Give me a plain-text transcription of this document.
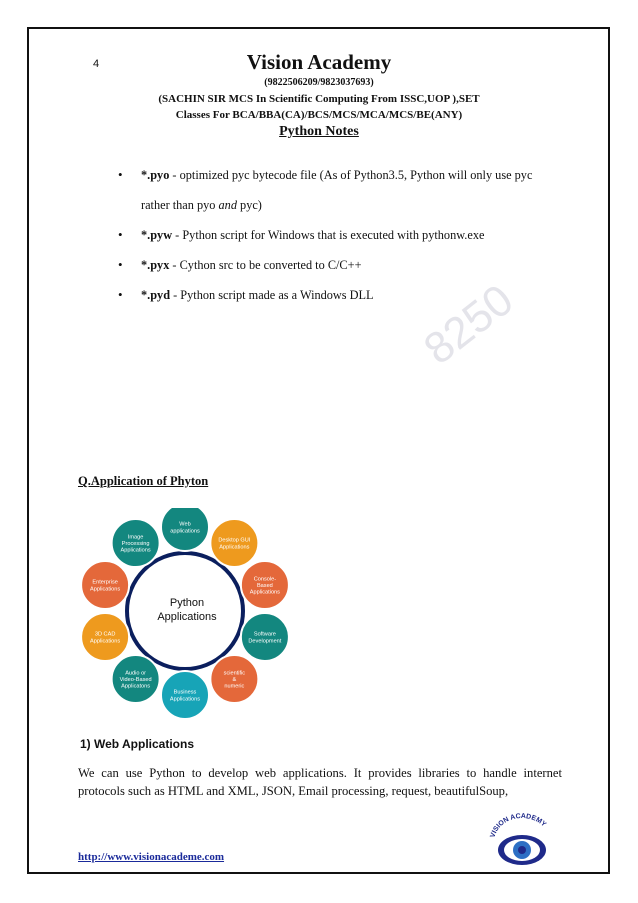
4	Vision Academy
(9822506209/9823037693)
(SACHIN SIR MCS In Scientific Computing From ISSC,UOP ),SET
Classes For BCA/BBA(CA)/BCS/MCS/MCA/MCS/BE(ANY)
Python Notes
8250
• *.pyo - optimized pyc bytecode file (As of Python3.5, Python will only use pyc rather than pyo and pyc)
• *.pyw - Python script for Windows that is executed with pythonw.exe
• *.pyx - Cython src to be converted to C/C++
• *.pyd - Python script made as a Windows DLL
Q.Application of Phyton
Python
Applications
Web
applications
Desktop GUI
Applications
Console-
Based
Applications
Software
Development
scientific
&
numeric
Business
Applications
Audio or
Video-Based
Applicatons
3D CAD
Applications
Enterprise
Applications
Image
Processing
Applications
1) Web Applications
We can use Python to develop web applications. It provides libraries to handle internet protocols such as HTML and XML, JSON, Email processing, request, beautifulSoup,
http://www.visionacademe.com
VISION ACADEMY
